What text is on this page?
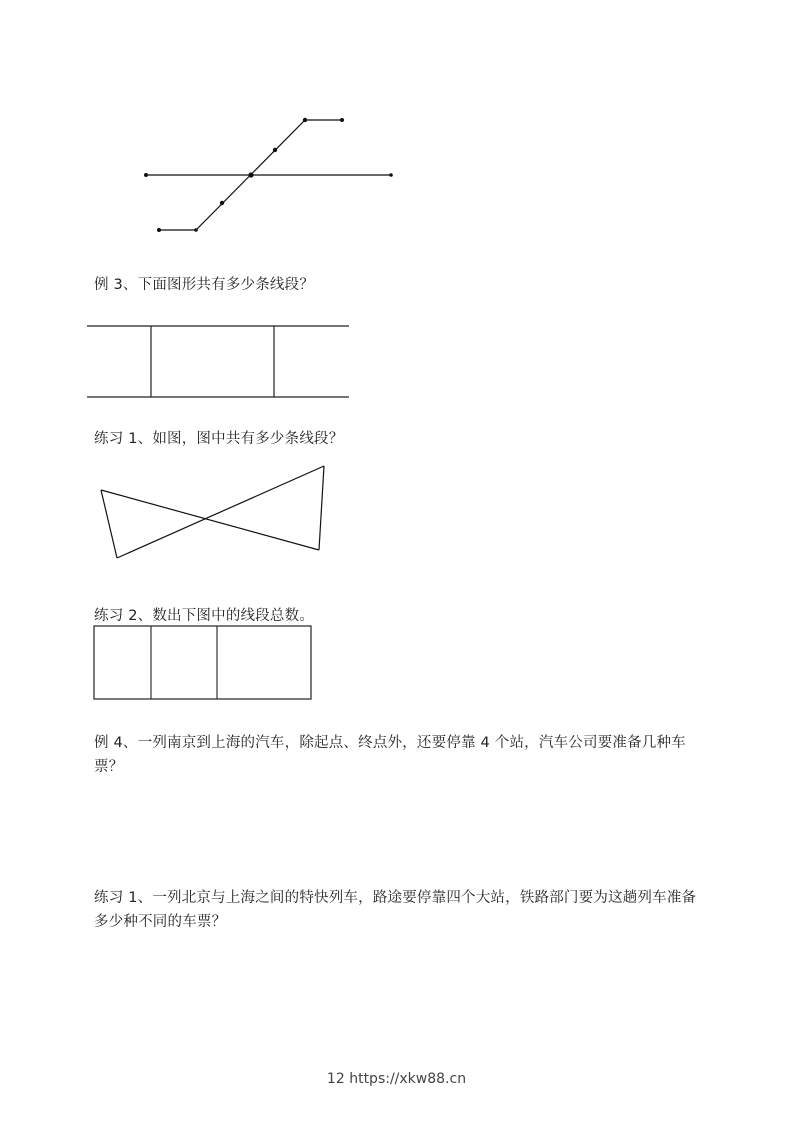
例 3、下面图形共有多少条线段？
练习 1、如图，图中共有多少条线段？
练习 2、数出下图中的线段总数。
例 4、一列南京到上海的汽车，除起点、终点外，还要停靠 4 个站，汽车公司要准备几种车票？
练习 1、一列北京与上海之间的特快列车，路途要停靠四个大站，铁路部门要为这趟列车准备多少种不同的车票？
12 https://xkw88.cn
